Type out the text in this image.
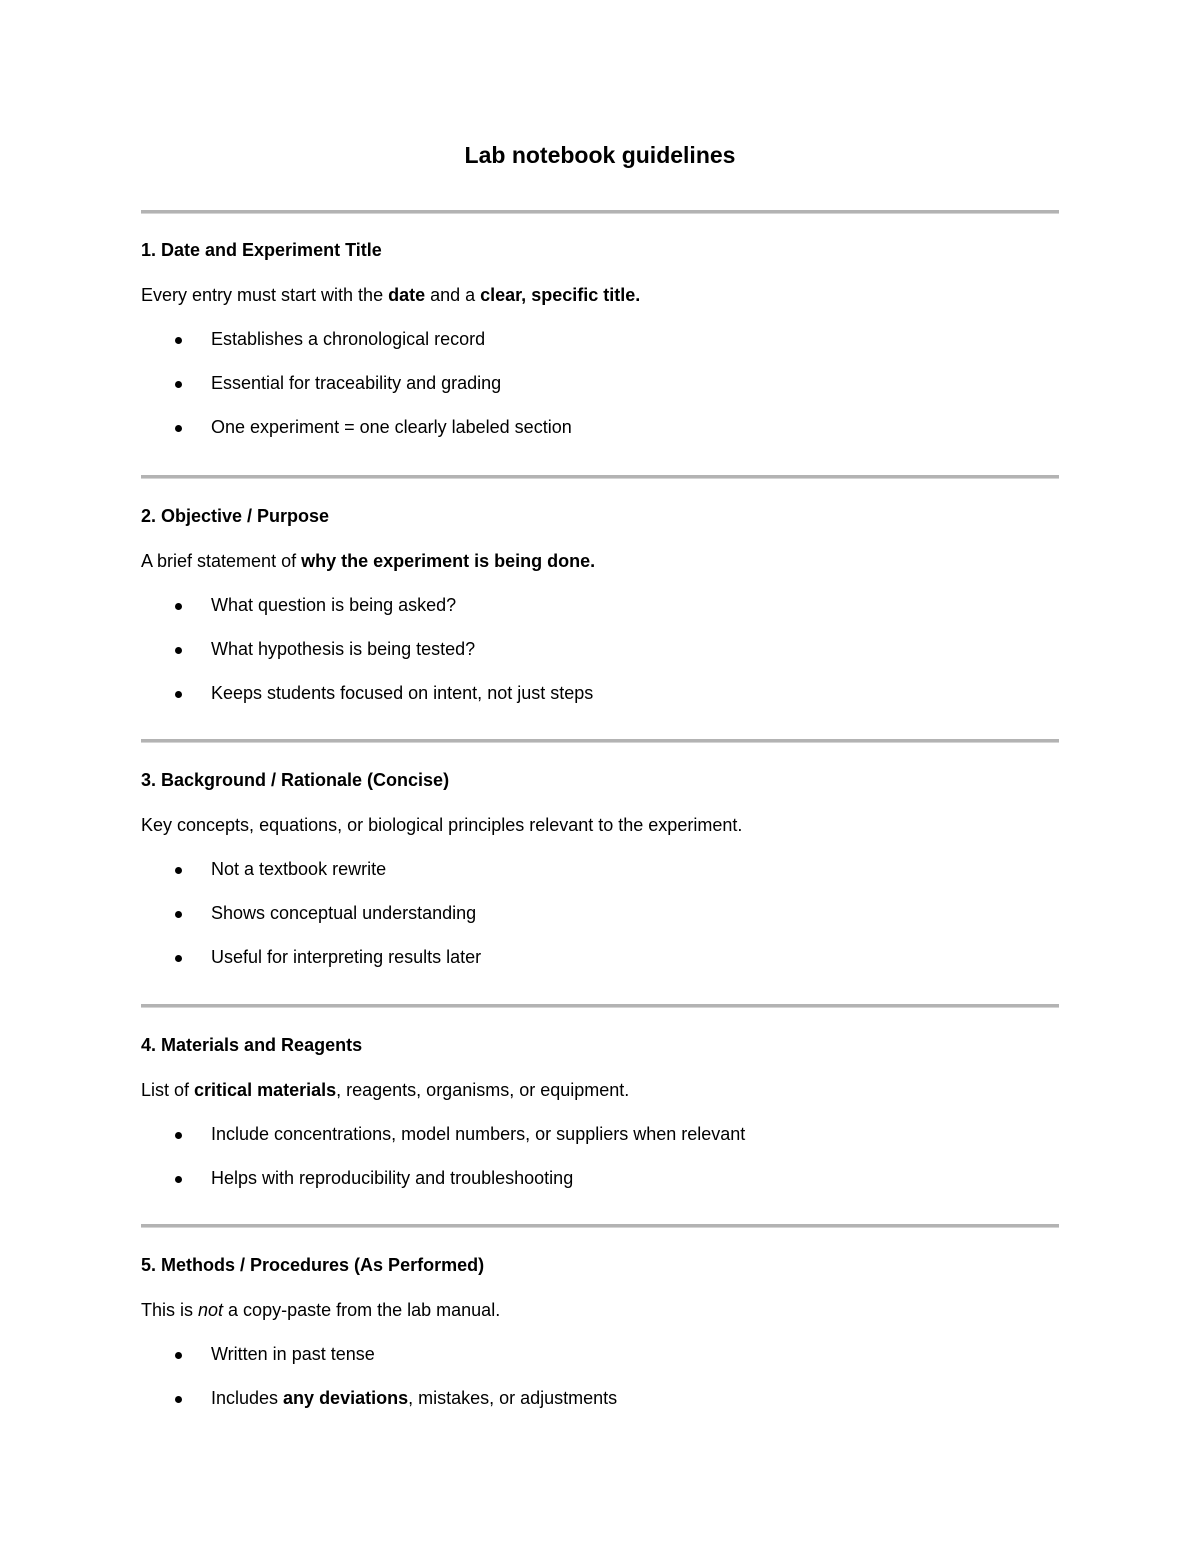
Lab notebook guidelines

1. Date and Experiment Title

Every entry must start with the date and a clear, specific title.

Establishes a chronological record
Essential for traceability and grading
One experiment = one clearly labeled section

2. Objective / Purpose

A brief statement of why the experiment is being done.

What question is being asked?
What hypothesis is being tested?
Keeps students focused on intent, not just steps

3. Background / Rationale (Concise)

Key concepts, equations, or biological principles relevant to the experiment.

Not a textbook rewrite
Shows conceptual understanding
Useful for interpreting results later

4. Materials and Reagents

List of critical materials, reagents, organisms, or equipment.

Include concentrations, model numbers, or suppliers when relevant
Helps with reproducibility and troubleshooting

5. Methods / Procedures (As Performed)

This is not a copy-paste from the lab manual.

Written in past tense
Includes any deviations, mistakes, or adjustments
